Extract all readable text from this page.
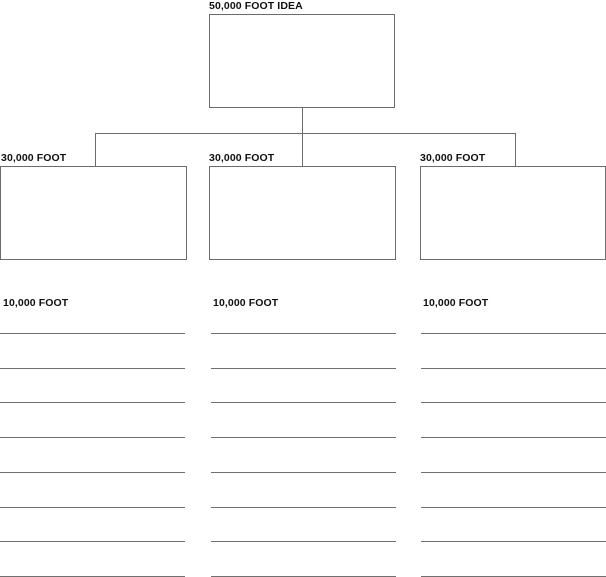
50,000 FOOT IDEA
30,000 FOOT	30,000 FOOT	30,000 FOOT
10,000 FOOT	10,000 FOOT	10,000 FOOT
